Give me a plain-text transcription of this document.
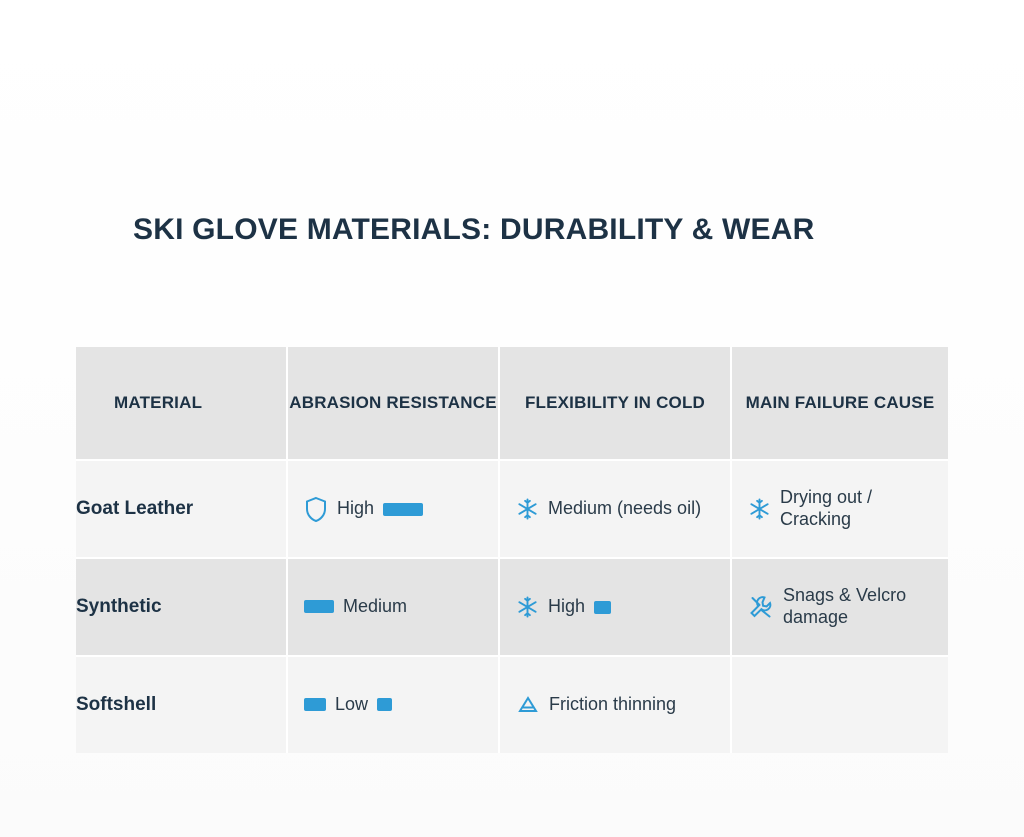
SKI GLOVE MATERIALS: DURABILITY & WEAR
MATERIAL	ABRASION RESISTANCE	FLEXIBILITY IN COLD	MAIN FAILURE CAUSE
Goat Leather	High	Medium (needs oil)	Drying out / Cracking

Synthetic	Medium	High	Snags & Velcro damage

Softshell	Low	Friction thinning	
